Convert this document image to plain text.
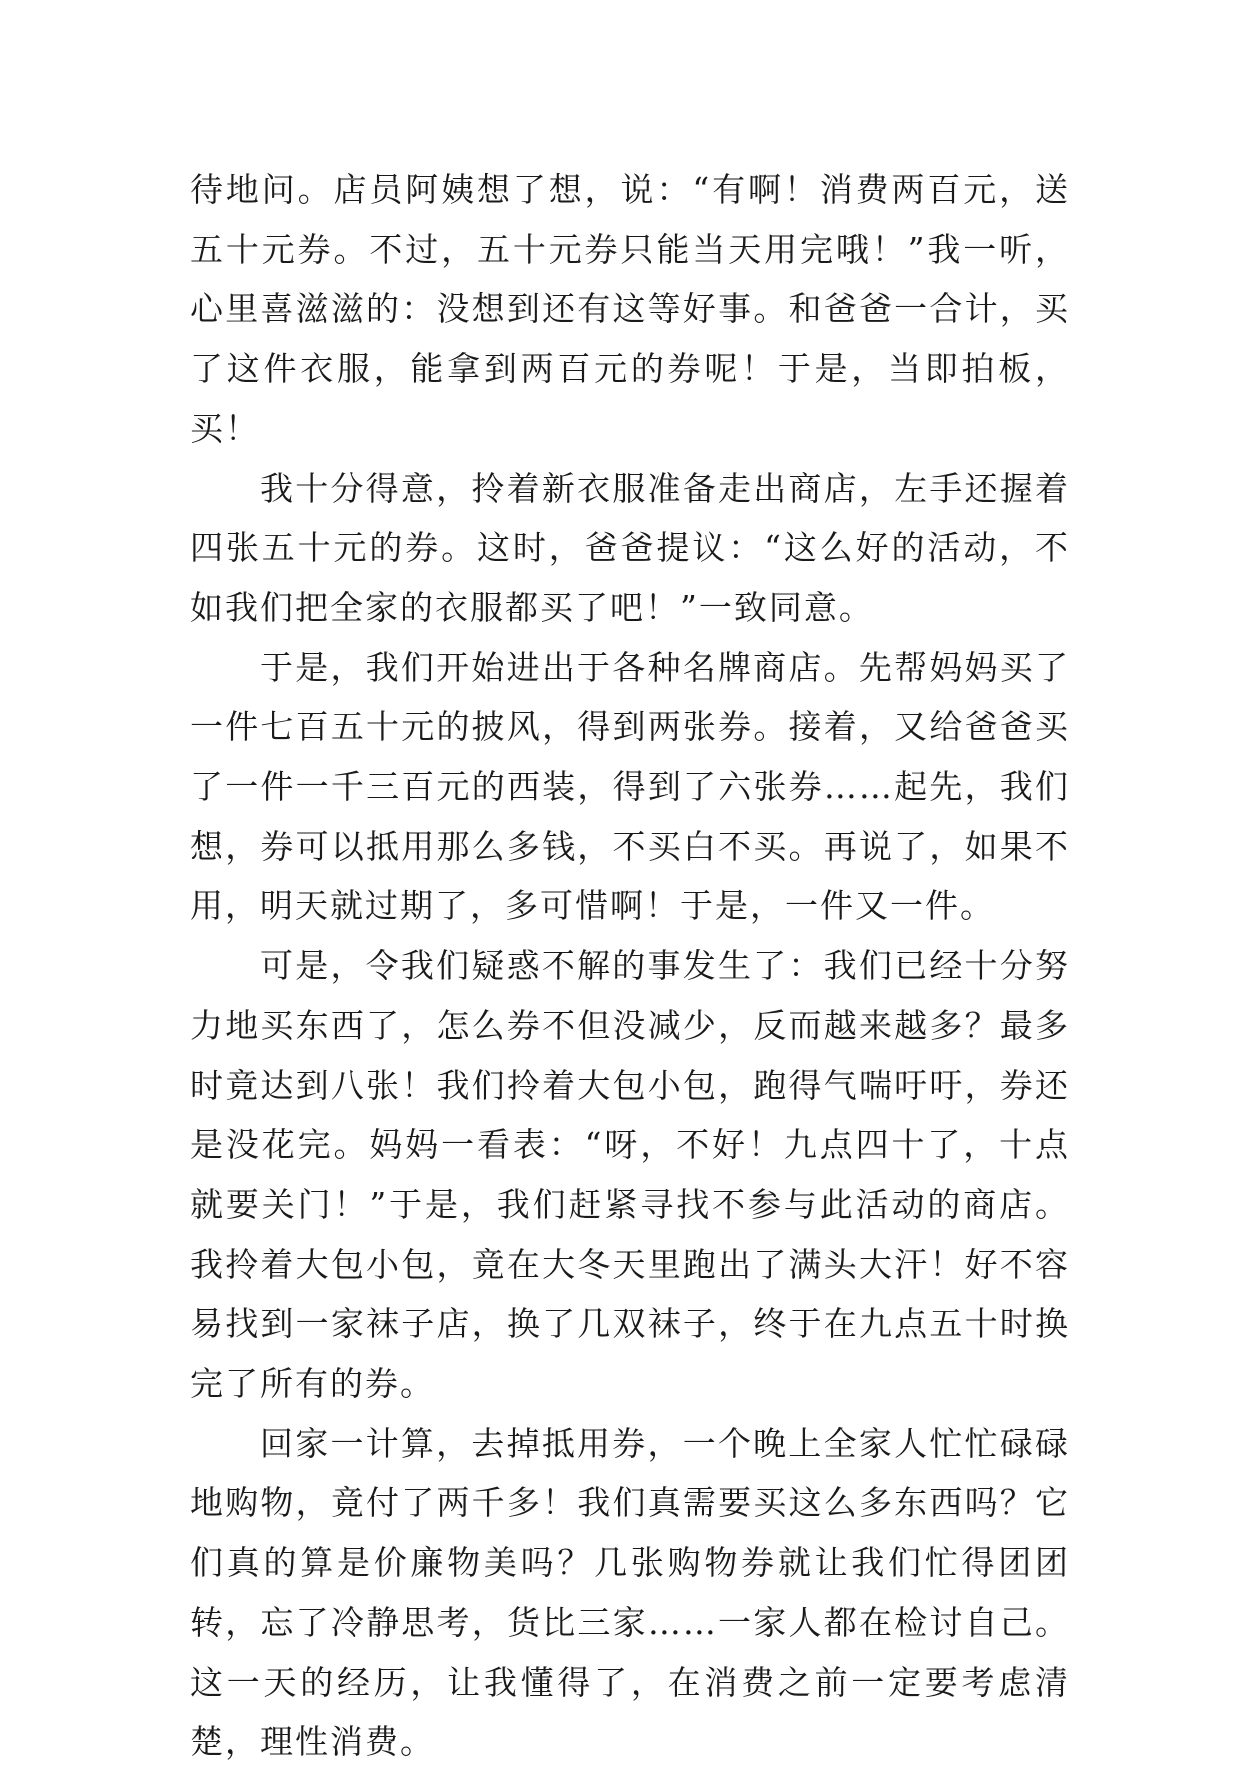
待地问。店员阿姨想了想，说：“有啊！消费两百元，送五十元券。不过，五十元券只能当天用完哦！”我一听，心里喜滋滋的：没想到还有这等好事。和爸爸一合计，买了这件衣服，能拿到两百元的券呢！于是，当即拍板，买！

我十分得意，拎着新衣服准备走出商店，左手还握着四张五十元的券。这时，爸爸提议：“这么好的活动，不如我们把全家的衣服都买了吧！”一致同意。

于是，我们开始进出于各种名牌商店。先帮妈妈买了一件七百五十元的披风，得到两张券。接着，又给爸爸买了一件一千三百元的西装，得到了六张券……起先，我们想，券可以抵用那么多钱，不买白不买。再说了，如果不用，明天就过期了，多可惜啊！于是，一件又一件。

可是，令我们疑惑不解的事发生了：我们已经十分努力地买东西了，怎么券不但没减少，反而越来越多？最多时竟达到八张！我们拎着大包小包，跑得气喘吁吁，券还是没花完。妈妈一看表：“呀，不好！九点四十了，十点就要关门！”于是，我们赶紧寻找不参与此活动的商店。我拎着大包小包，竟在大冬天里跑出了满头大汗！好不容易找到一家袜子店，换了几双袜子，终于在九点五十时换完了所有的券。

回家一计算，去掉抵用券，一个晚上全家人忙忙碌碌地购物，竟付了两千多！我们真需要买这么多东西吗？它们真的算是价廉物美吗？几张购物券就让我们忙得团团转，忘了冷静思考，货比三家……一家人都在检讨自己。这一天的经历，让我懂得了，在消费之前一定要考虑清楚，理性消费。
